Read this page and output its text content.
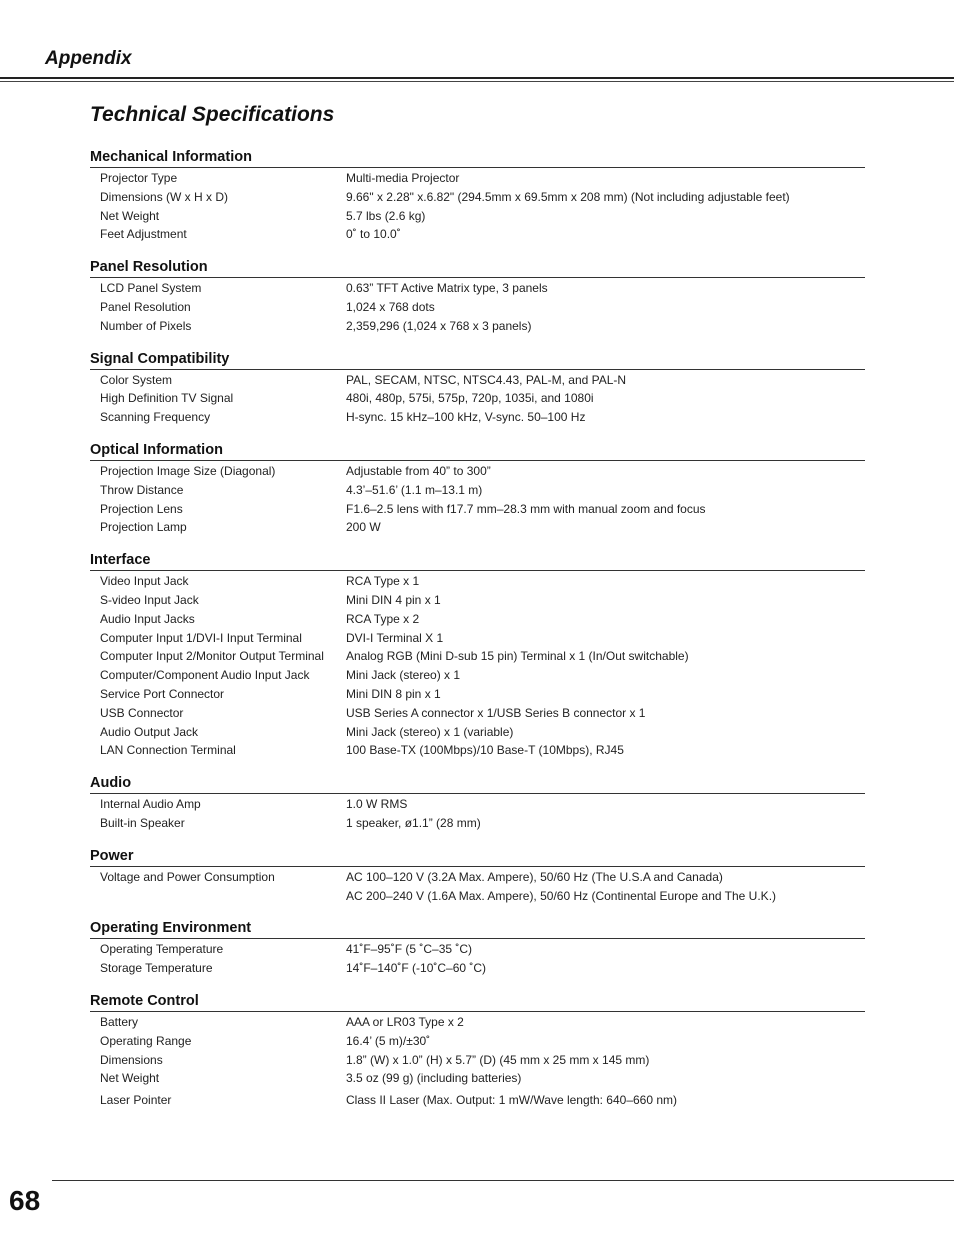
Appendix
Technical Specifications
Mechanical Information
Projector Type	Multi-media Projector
Dimensions (W x H x D)	9.66" x 2.28" x.6.82" (294.5mm x 69.5mm x 208 mm) (Not including adjustable feet)
Net Weight	5.7 lbs (2.6 kg)
Feet Adjustment	0˚ to 10.0˚
Panel Resolution
LCD Panel System	0.63” TFT Active Matrix type, 3 panels
Panel Resolution	1,024 x 768 dots
Number of Pixels	2,359,296 (1,024 x 768 x 3 panels)
Signal Compatibility
Color System	PAL, SECAM, NTSC, NTSC4.43, PAL-M, and PAL-N
High Definition TV Signal	480i, 480p, 575i, 575p, 720p, 1035i, and 1080i
Scanning Frequency	H-sync. 15 kHz–100 kHz, V-sync. 50–100 Hz
Optical Information
Projection Image Size (Diagonal)	Adjustable from 40” to 300”
Throw Distance	4.3’–51.6’ (1.1 m–13.1 m)
Projection Lens	F1.6–2.5 lens with f17.7 mm–28.3 mm with manual zoom and focus
Projection Lamp	200 W
Interface
Video Input Jack	RCA Type x 1
S-video Input Jack	Mini DIN 4 pin x 1
Audio Input Jacks	RCA Type x 2
Computer Input 1/DVI-I Input Terminal	DVI-I Terminal X 1
Computer Input 2/Monitor Output Terminal	Analog RGB (Mini D-sub 15 pin) Terminal x 1 (In/Out switchable)
Computer/Component Audio Input Jack	Mini Jack (stereo) x 1
Service Port Connector	Mini DIN 8 pin x 1
USB Connector	USB Series A connector x 1/USB Series B connector x 1
Audio Output Jack	Mini Jack (stereo) x 1 (variable)
LAN Connection Terminal	100 Base-TX (100Mbps)/10 Base-T (10Mbps), RJ45
Audio
Internal Audio Amp	1.0 W RMS
Built-in Speaker	1 speaker, ø1.1” (28 mm)
Power
Voltage and Power Consumption	AC 100–120 V (3.2A Max. Ampere), 50/60 Hz (The U.S.A and Canada)
AC 200–240 V (1.6A Max. Ampere), 50/60 Hz (Continental Europe and The U.K.)
Operating Environment
Operating Temperature	41˚F–95˚F (5 ˚C–35 ˚C)
Storage Temperature	14˚F–140˚F (-10˚C–60 ˚C)
Remote Control
Battery	AAA or LR03 Type x 2
Operating Range	16.4’ (5 m)/±30˚
Dimensions	1.8” (W) x 1.0” (H) x 5.7” (D) (45 mm x 25 mm x 145 mm)
Net Weight	3.5 oz (99 g) (including batteries)
Laser Pointer	Class II Laser (Max. Output: 1 mW/Wave length: 640–660 nm)
68
